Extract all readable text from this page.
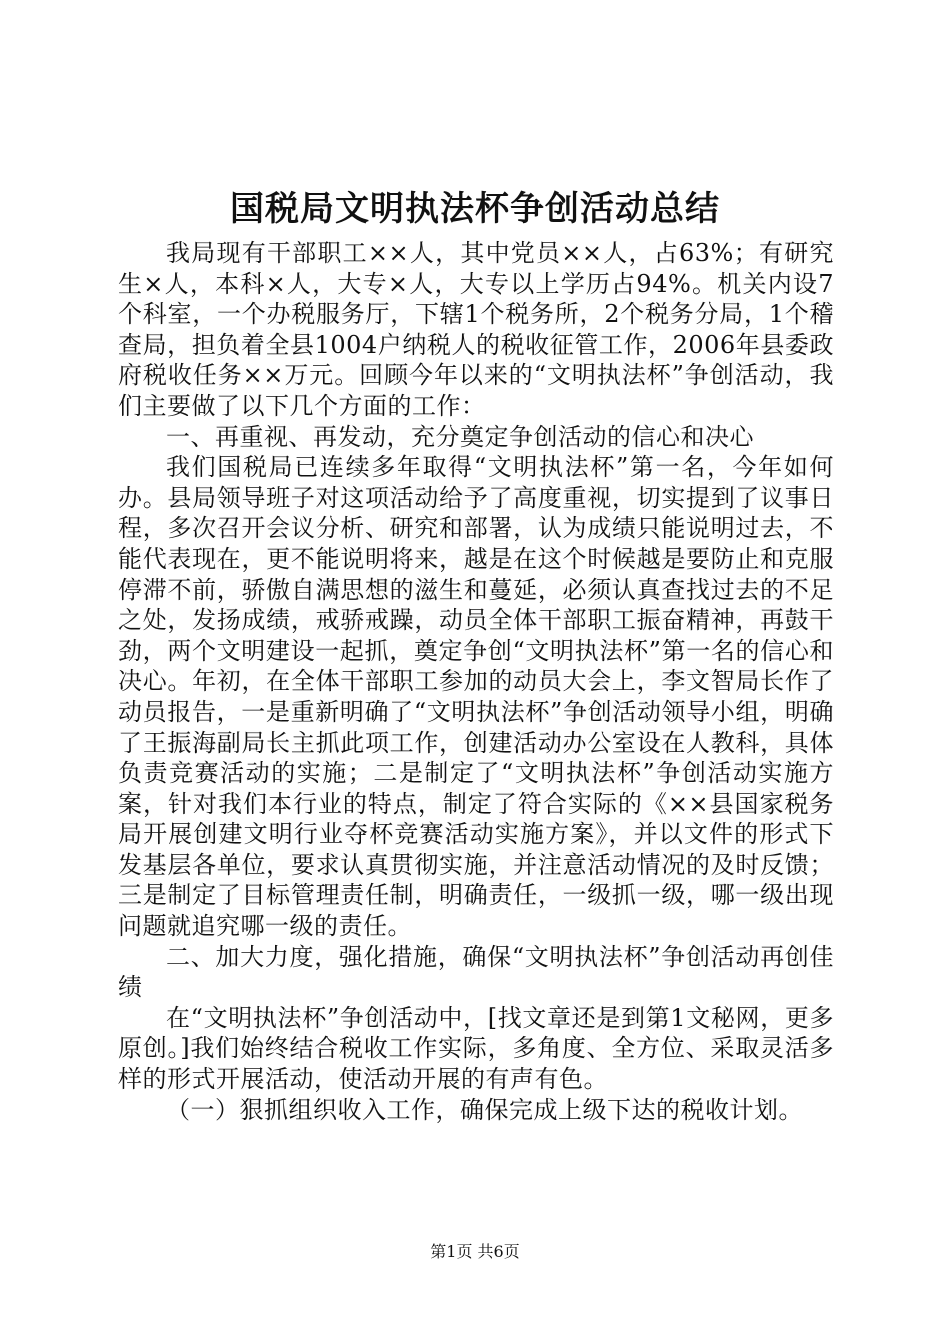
国税局文明执法杯争创活动总结

我局现有干部职工××人，其中党员××人，占63%；有研究生×人，本科×人，大专×人，大专以上学历占94%。机关内设7个科室，一个办税服务厅，下辖1个税务所，2个税务分局，1个稽查局，担负着全县1004户纳税人的税收征管工作，2006年县委政府税收任务××万元。回顾今年以来的“文明执法杯”争创活动，我们主要做了以下几个方面的工作：

一、再重视、再发动，充分奠定争创活动的信心和决心

我们国税局已连续多年取得“文明执法杯”第一名，今年如何办。县局领导班子对这项活动给予了高度重视，切实提到了议事日程，多次召开会议分析、研究和部署，认为成绩只能说明过去，不能代表现在，更不能说明将来，越是在这个时候越是要防止和克服停滞不前，骄傲自满思想的滋生和蔓延，必须认真查找过去的不足之处，发扬成绩，戒骄戒躁，动员全体干部职工振奋精神，再鼓干劲，两个文明建设一起抓，奠定争创“文明执法杯”第一名的信心和决心。年初，在全体干部职工参加的动员大会上，李文智局长作了动员报告，一是重新明确了“文明执法杯”争创活动领导小组，明确了王振海副局长主抓此项工作，创建活动办公室设在人教科，具体负责竞赛活动的实施；二是制定了“文明执法杯”争创活动实施方案，针对我们本行业的特点，制定了符合实际的《××县国家税务局开展创建文明行业夺杯竞赛活动实施方案》，并以文件的形式下发基层各单位，要求认真贯彻实施，并注意活动情况的及时反馈；三是制定了目标管理责任制，明确责任，一级抓一级，哪一级出现问题就追究哪一级的责任。

二、加大力度，强化措施，确保“文明执法杯”争创活动再创佳绩

在“文明执法杯”争创活动中，[找文章还是到第1文秘网，更多原创。]我们始终结合税收工作实际，多角度、全方位、采取灵活多样的形式开展活动，使活动开展的有声有色。

（一）狠抓组织收入工作，确保完成上级下达的税收计划。

第1页 共6页
